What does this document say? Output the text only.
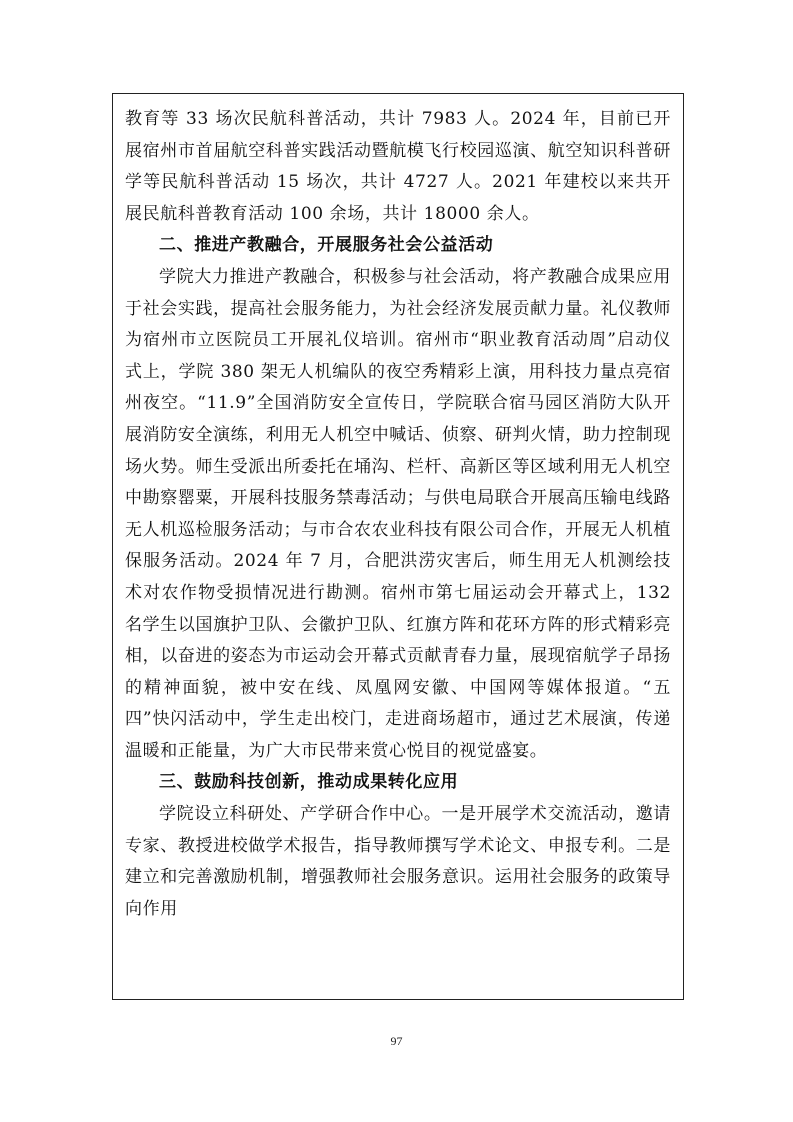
教育等 33 场次民航科普活动，共计 7983 人。2024 年，目前已开展宿州市首届航空科普实践活动暨航模飞行校园巡演、航空知识科普研学等民航科普活动 15 场次，共计 4727 人。2021 年建校以来共开展民航科普教育活动 100 余场，共计 18000 余人。

二、推进产教融合，开展服务社会公益活动

学院大力推进产教融合，积极参与社会活动，将产教融合成果应用于社会实践，提高社会服务能力，为社会经济发展贡献力量。礼仪教师为宿州市立医院员工开展礼仪培训。宿州市“职业教育活动周”启动仪式上，学院 380 架无人机编队的夜空秀精彩上演，用科技力量点亮宿州夜空。“11.9”全国消防安全宣传日，学院联合宿马园区消防大队开展消防安全演练，利用无人机空中喊话、侦察、研判火情，助力控制现场火势。师生受派出所委托在埇沟、栏杆、高新区等区域利用无人机空中勘察罂粟，开展科技服务禁毒活动；与供电局联合开展高压输电线路无人机巡检服务活动；与市合农农业科技有限公司合作，开展无人机植保服务活动。2024 年 7 月，合肥洪涝灾害后，师生用无人机测绘技术对农作物受损情况进行勘测。宿州市第七届运动会开幕式上，132 名学生以国旗护卫队、会徽护卫队、红旗方阵和花环方阵的形式精彩亮相，以奋进的姿态为市运动会开幕式贡献青春力量，展现宿航学子昂扬的精神面貌，被中安在线、凤凰网安徽、中国网等媒体报道。“五四”快闪活动中，学生走出校门，走进商场超市，通过艺术展演，传递温暖和正能量，为广大市民带来赏心悦目的视觉盛宴。

三、鼓励科技创新，推动成果转化应用

学院设立科研处、产学研合作中心。一是开展学术交流活动，邀请专家、教授进校做学术报告，指导教师撰写学术论文、申报专利。二是建立和完善激励机制，增强教师社会服务意识。运用社会服务的政策导向作用

97
